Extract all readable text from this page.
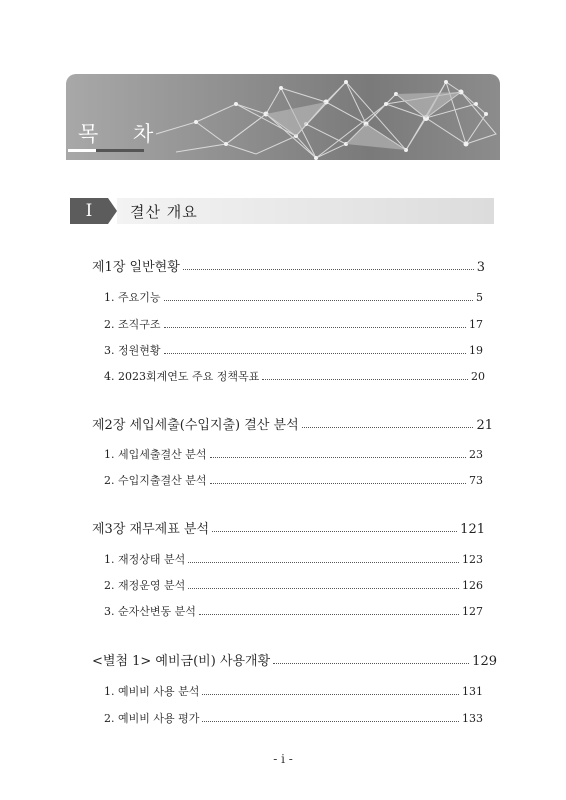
목 차
I	결산 개요
제1장 일반현황	3
1. 주요기능	5
2. 조직구조	17
3. 정원현황	19
4. 2023회계연도 주요 정책목표	20
제2장 세입세출(수입지출) 결산 분석	21
1. 세입세출결산 분석	23
2. 수입지출결산 분석	73
제3장 재무제표 분석	121
1. 재정상태 분석	123
2. 재정운영 분석	126
3. 순자산변동 분석	127
<별첨 1> 예비금(비) 사용개황	129
1. 예비비 사용 분석	131
2. 예비비 사용 평가	133
- i -
